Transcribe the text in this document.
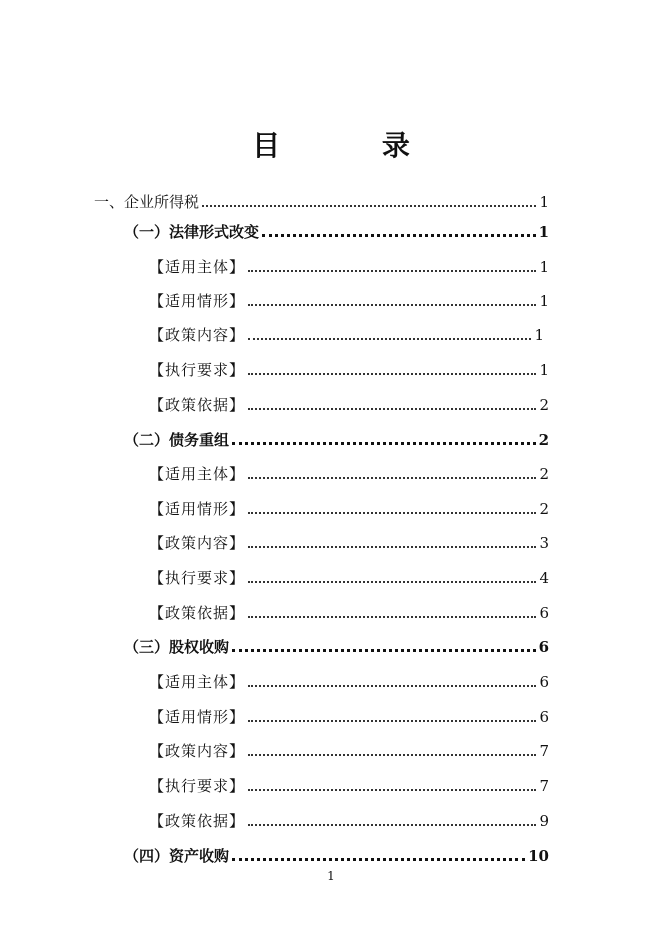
目 录
一、企业所得税	1
（一）法律形式改变	1
【适用主体】	1
【适用情形】	1
【政策内容】	1
【执行要求】	1
【政策依据】	2
（二）债务重组	2
【适用主体】	2
【适用情形】	2
【政策内容】	3
【执行要求】	4
【政策依据】	6
（三）股权收购	6
【适用主体】	6
【适用情形】	6
【政策内容】	7
【执行要求】	7
【政策依据】	9
（四）资产收购	10
1
